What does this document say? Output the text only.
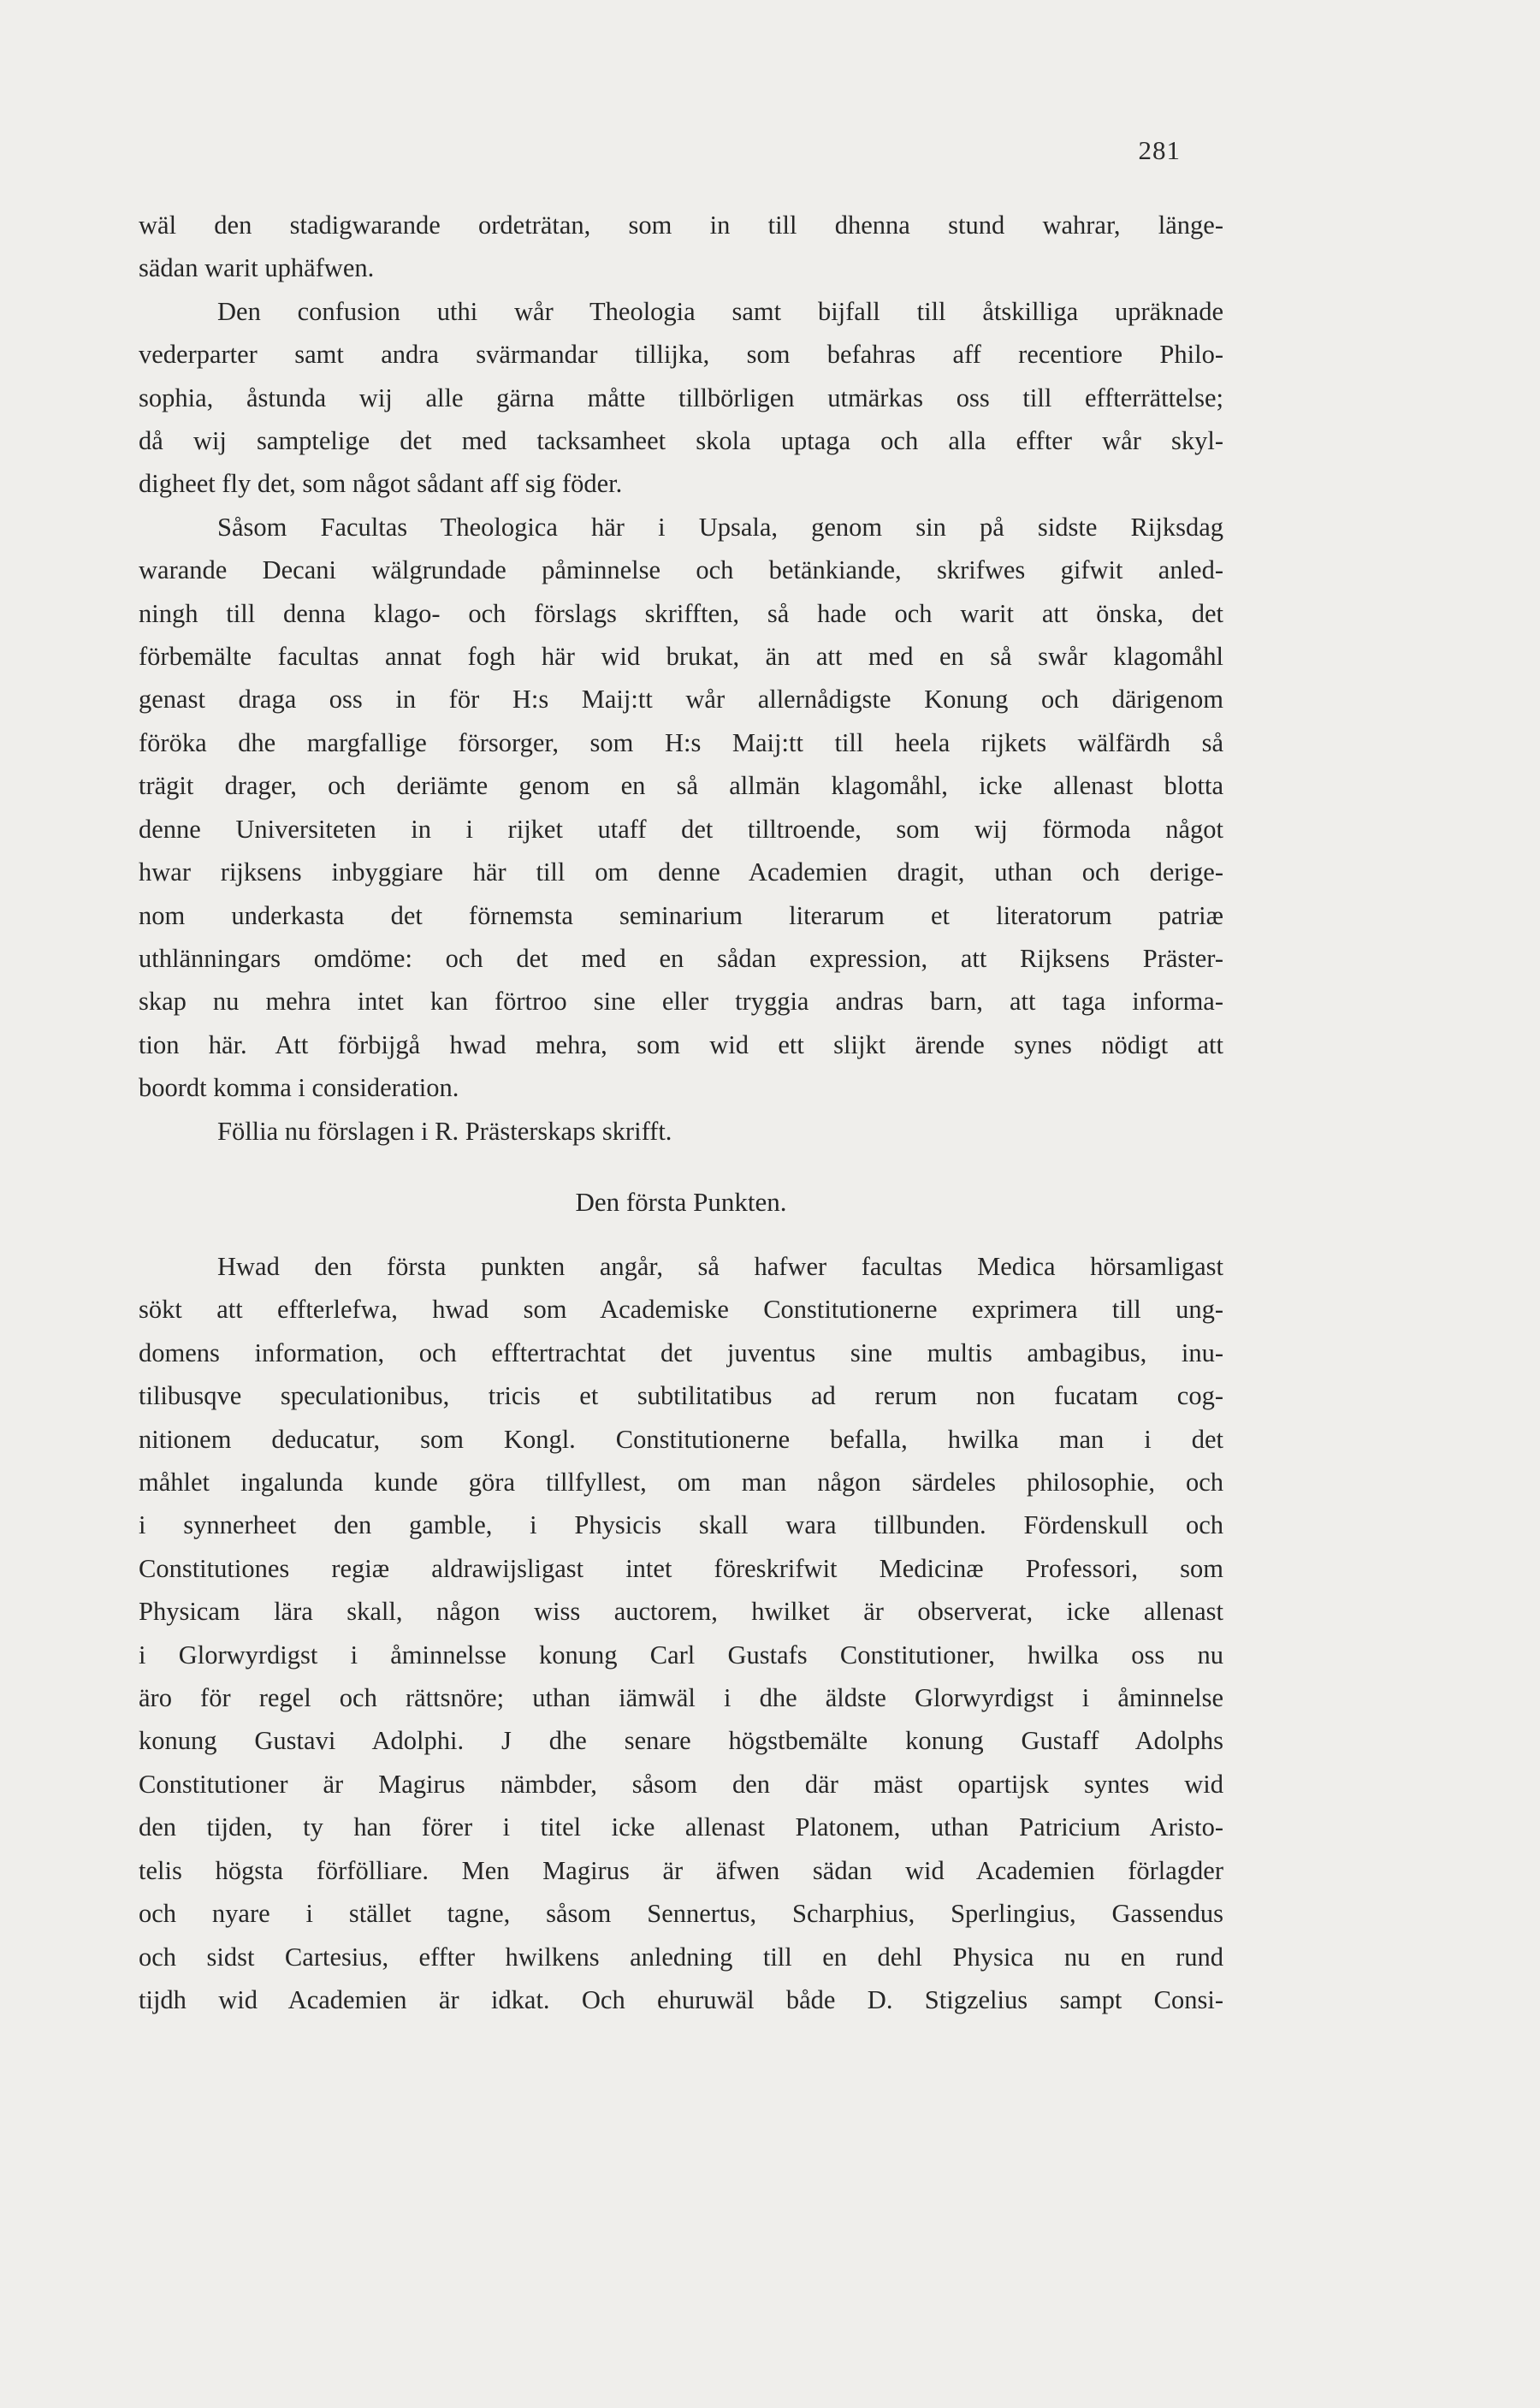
281
wäl den stadigwarande ordeträtan, som in till dhenna stund wahrar, länge-
sädan warit uphäfwen.
Den confusion uthi wår Theologia samt bijfall till åtskilliga upräknade
vederparter samt andra svärmandar tillijka, som befahras aff recentiore Philo-
sophia, åstunda wij alle gärna måtte tillbörligen utmärkas oss till effterrättelse;
då wij samptelige det med tacksamheet skola uptaga och alla effter wår skyl-
digheet fly det, som något sådant aff sig föder.
Såsom Facultas Theologica här i Upsala, genom sin på sidste Rijksdag
warande Decani wälgrundade påminnelse och betänkiande, skrifwes gifwit anled-
ningh till denna klago- och förslags skrifften, så hade och warit att önska, det
förbemälte facultas annat fogh här wid brukat, än att med en så swår klagomåhl
genast draga oss in för H:s Maij:tt wår allernådigste Konung och därigenom
föröka dhe margfallige försorger, som H:s Maij:tt till heela rijkets wälfärdh så
trägit drager, och deriämte genom en så allmän klagomåhl, icke allenast blotta
denne Universiteten in i rijket utaff det tilltroende, som wij förmoda något
hwar rijksens inbyggiare här till om denne Academien dragit, uthan och derige-
nom underkasta det förnemsta seminarium literarum et literatorum patriæ
uthlänningars omdöme: och det med en sådan expression, att Rijksens Präster-
skap nu mehra intet kan förtroo sine eller tryggia andras barn, att taga informa-
tion här. Att förbijgå hwad mehra, som wid ett slijkt ärende synes nödigt att
boordt komma i consideration.
Föllia nu förslagen i R. Prästerskaps skrifft.
Den första Punkten.
Hwad den första punkten angår, så hafwer facultas Medica hörsamligast
sökt att effterlefwa, hwad som Academiske Constitutionerne exprimera till ung-
domens information, och efftertrachtat det juventus sine multis ambagibus, inu-
tilibusqve speculationibus, tricis et subtilitatibus ad rerum non fucatam cog-
nitionem deducatur, som Kongl. Constitutionerne befalla, hwilka man i det
måhlet ingalunda kunde göra tillfyllest, om man någon särdeles philosophie, och
i synnerheet den gamble, i Physicis skall wara tillbunden. Fördenskull och
Constitutiones regiæ aldrawijsligast intet föreskrifwit Medicinæ Professori, som
Physicam lära skall, någon wiss auctorem, hwilket är observerat, icke allenast
i Glorwyrdigst i åminnelsse konung Carl Gustafs Constitutioner, hwilka oss nu
äro för regel och rättsnöre; uthan iämwäl i dhe äldste Glorwyrdigst i åminnelse
konung Gustavi Adolphi. J dhe senare högstbemälte konung Gustaff Adolphs
Constitutioner är Magirus nämbder, såsom den där mäst opartijsk syntes wid
den tijden, ty han förer i titel icke allenast Platonem, uthan Patricium Aristo-
telis högsta förfölliare. Men Magirus är äfwen sädan wid Academien förlagder
och nyare i stället tagne, såsom Sennertus, Scharphius, Sperlingius, Gassendus
och sidst Cartesius, effter hwilkens anledning till en dehl Physica nu en rund
tijdh wid Academien är idkat. Och ehuruwäl både D. Stigzelius sampt Consi-
